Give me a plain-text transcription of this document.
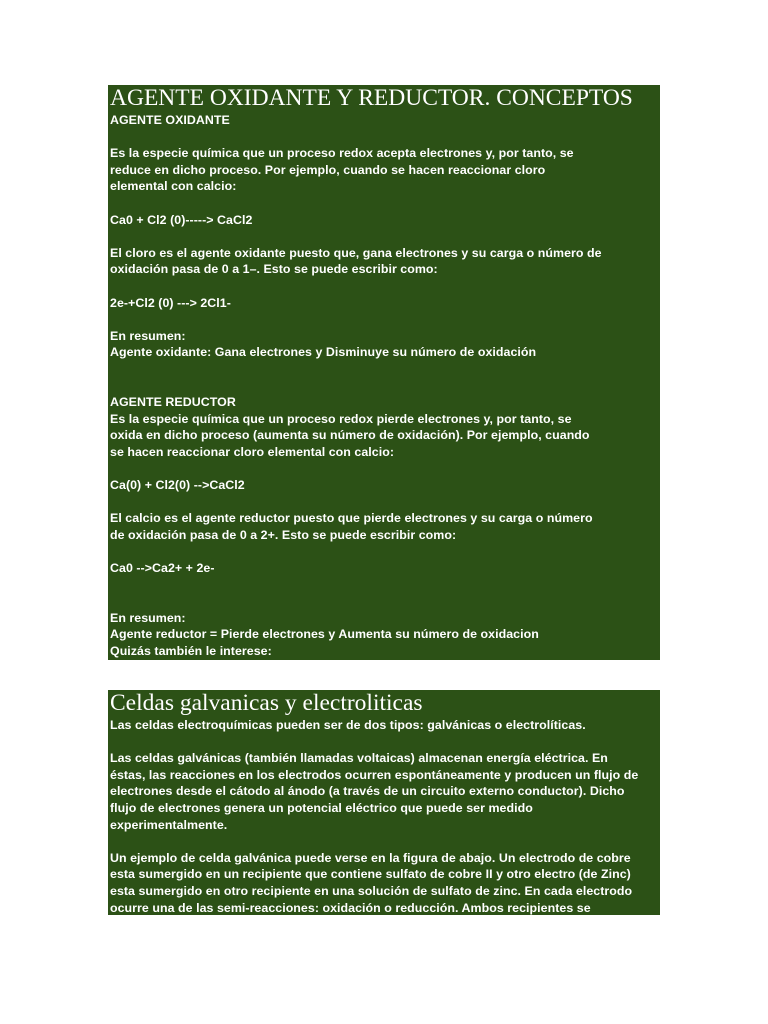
AGENTE OXIDANTE Y REDUCTOR. CONCEPTOS
AGENTE OXIDANTE
Es la especie química que un proceso redox acepta electrones y, por tanto, se
reduce en dicho proceso. Por ejemplo, cuando se hacen reaccionar cloro
elemental con calcio:
Ca0 + Cl2 (0)-----> CaCl2
El cloro es el agente oxidante puesto que, gana electrones y su carga o número de
oxidación pasa de 0 a 1–. Esto se puede escribir como:
2e-+Cl2 (0) ---> 2Cl1-
En resumen:
Agente oxidante: Gana electrones y Disminuye su número de oxidación
AGENTE REDUCTOR
Es la especie química que un proceso redox pierde electrones y, por tanto, se
oxida en dicho proceso (aumenta su número de oxidación). Por ejemplo, cuando
se hacen reaccionar cloro elemental con calcio:
Ca(0) + Cl2(0) -->CaCl2
El calcio es el agente reductor puesto que pierde electrones y su carga o número
de oxidación pasa de 0 a 2+. Esto se puede escribir como:
Ca0 -->Ca2+ + 2e-
En resumen:
Agente reductor = Pierde electrones y Aumenta su número de oxidacion
Quizás también le interese:
Celdas galvanicas y electroliticas
Las celdas electroquímicas pueden ser de dos tipos: galvánicas o electrolíticas.
Las celdas galvánicas (también llamadas voltaicas) almacenan energía eléctrica. En
éstas, las reacciones en los electrodos ocurren espontáneamente y producen un flujo de
electrones desde el cátodo al ánodo (a través de un circuito externo conductor). Dicho
flujo de electrones genera un potencial eléctrico que puede ser medido
experimentalmente.
Un ejemplo de celda galvánica puede verse en la figura de abajo. Un electrodo de cobre
esta sumergido en un recipiente que contiene sulfato de cobre II y otro electro (de Zinc)
esta sumergido en otro recipiente en una solución de sulfato de zinc. En cada electrodo
ocurre una de las semi-reacciones: oxidación o reducción. Ambos recipientes se
